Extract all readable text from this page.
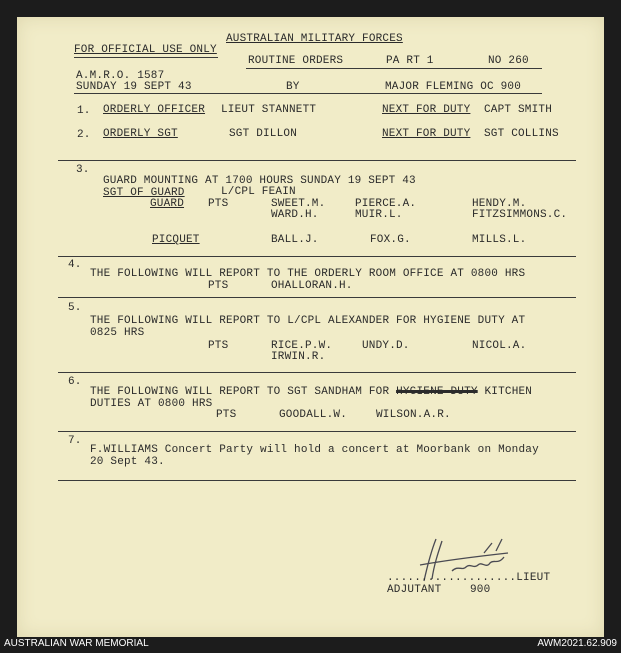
AUSTRALIAN MILITARY FORCES
FOR OFFICIAL USE ONLY
ROUTINE ORDERS	PA RT 1	NO 260
A.M.R.O. 1587
SUNDAY 19 SEPT 43	BY	MAJOR FLEMING OC 900
1. ORDERLY OFFICER LIEUT STANNETT	NEXT FOR DUTY CAPT SMITH
2. ORDERLY SGT	SGT DILLON	NEXT FOR DUTY SGT COLLINS
3.
GUARD MOUNTING AT 1700 HOURS SUNDAY 19 SEPT 43
SGT OF GUARD	L/CPL FEAIN
GUARD PTS	SWEET.M.	PIERCE.A.	HENDY.M.
WARD.H.	MUIR.L.	FITZSIMMONS.C.
PICQUET	BALL.J.	FOX.G.	MILLS.L.
4.
THE FOLLOWING WILL REPORT TO THE ORDERLY ROOM OFFICE AT 0800 HRS
PTS	OHALLORAN.H.
5.
THE FOLLOWING WILL REPORT TO L/CPL ALEXANDER FOR HYGIENE DUTY AT
0825 HRS
PTS	RICE.P.W.	UNDY.D.	NICOL.A.
IRWIN.R.
6.
THE FOLLOWING WILL REPORT TO SGT SANDHAM FOR HYGIENE DUTY KITCHEN
DUTIES AT 0800 HRS
PTS	GOODALL.W.	WILSON.A.R.
7.
F.WILLIAMS Concert Party will hold a concert at Moorbank on Monday
20 Sept 43.
...................LIEUT
ADJUTANT	900
AUSTRALIAN WAR MEMORIAL	AWM2021.62.909
